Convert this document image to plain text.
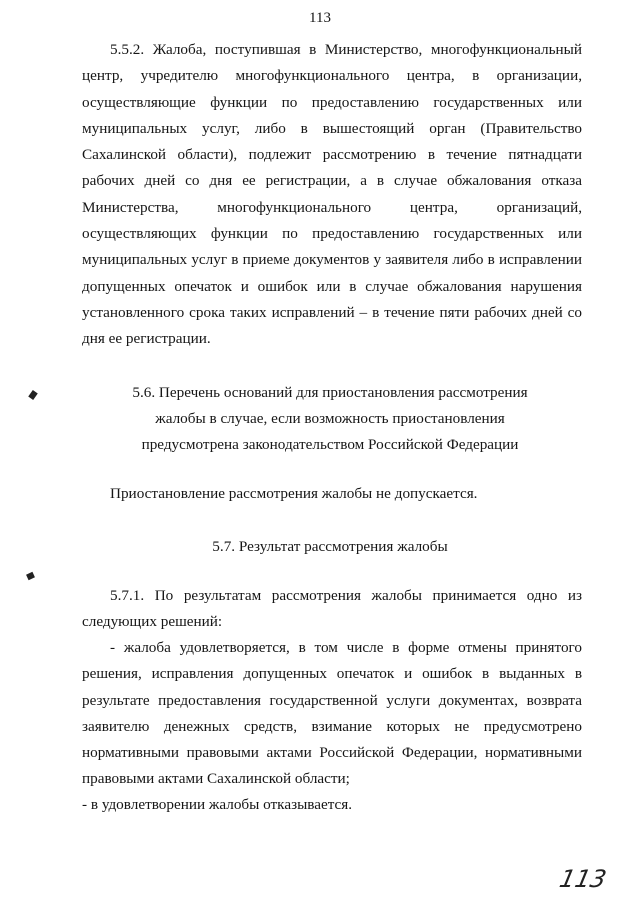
113

5.5.2. Жалоба, поступившая в Министерство, многофункциональный центр, учредителю многофункционального центра, в организации, осуществляющие функции по предоставлению государственных или муниципальных услуг, либо в вышестоящий орган (Правительство Сахалинской области), подлежит рассмотрению в течение пятнадцати рабочих дней со дня ее регистрации, а в случае обжалования отказа Министерства, многофункционального центра, организаций, осуществляющих функции по предоставлению государственных или муниципальных услуг в приеме документов у заявителя либо в исправлении допущенных опечаток и ошибок или в случае обжалования нарушения установленного срока таких исправлений – в течение пяти рабочих дней со дня ее регистрации.

5.6. Перечень оснований для приостановления рассмотрения
жалобы в случае, если возможность приостановления
предусмотрена законодательством Российской Федерации

Приостановление рассмотрения жалобы не допускается.

5.7. Результат рассмотрения жалобы

5.7.1. По результатам рассмотрения жалобы принимается одно из следующих решений:

- жалоба удовлетворяется, в том числе в форме отмены принятого решения, исправления допущенных опечаток и ошибок в выданных в результате предоставления государственной услуги документах, возврата заявителю денежных средств, взимание которых не предусмотрено нормативными правовыми актами Российской Федерации, нормативными правовыми актами Сахалинской области;

- в удовлетворении жалобы отказывается.

113
